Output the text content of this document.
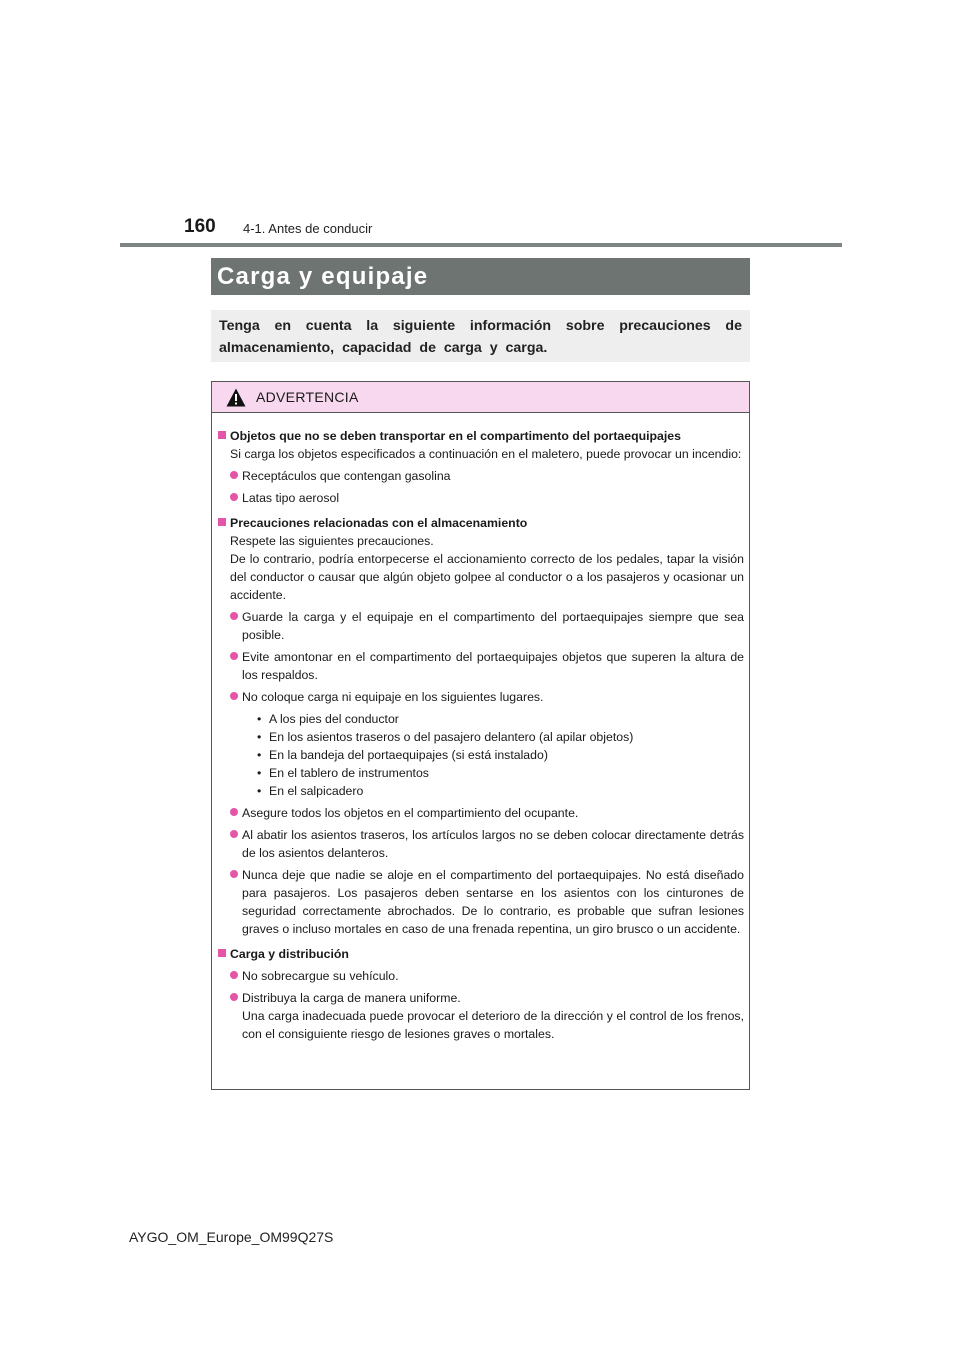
160 4-1. Antes de conducir
Carga y equipaje
Tenga en cuenta la siguiente información sobre precauciones de almacenamiento, capacidad de carga y carga.
ADVERTENCIA
Objetos que no se deben transportar en el compartimento del portaequipajes
Si carga los objetos especificados a continuación en el maletero, puede provocar un incendio:
Receptáculos que contengan gasolina
Latas tipo aerosol
Precauciones relacionadas con el almacenamiento
Respete las siguientes precauciones.
De lo contrario, podría entorpecerse el accionamiento correcto de los pedales, tapar la visión del conductor o causar que algún objeto golpee al conductor o a los pasajeros y ocasionar un accidente.
Guarde la carga y el equipaje en el compartimento del portaequipajes siempre que sea posible.
Evite amontonar en el compartimento del portaequipajes objetos que superen la altura de los respaldos.
No coloque carga ni equipaje en los siguientes lugares.
• A los pies del conductor
• En los asientos traseros o del pasajero delantero (al apilar objetos)
• En la bandeja del portaequipajes (si está instalado)
• En el tablero de instrumentos
• En el salpicadero
Asegure todos los objetos en el compartimiento del ocupante.
Al abatir los asientos traseros, los artículos largos no se deben colocar directamente detrás de los asientos delanteros.
Nunca deje que nadie se aloje en el compartimento del portaequipajes. No está diseñado para pasajeros. Los pasajeros deben sentarse en los asientos con los cinturones de seguridad correctamente abrochados. De lo contrario, es probable que sufran lesiones graves o incluso mortales en caso de una frenada repentina, un giro brusco o un accidente.
Carga y distribución
No sobrecargue su vehículo.
Distribuya la carga de manera uniforme.
Una carga inadecuada puede provocar el deterioro de la dirección y el control de los frenos, con el consiguiente riesgo de lesiones graves o mortales.
AYGO_OM_Europe_OM99Q27S
